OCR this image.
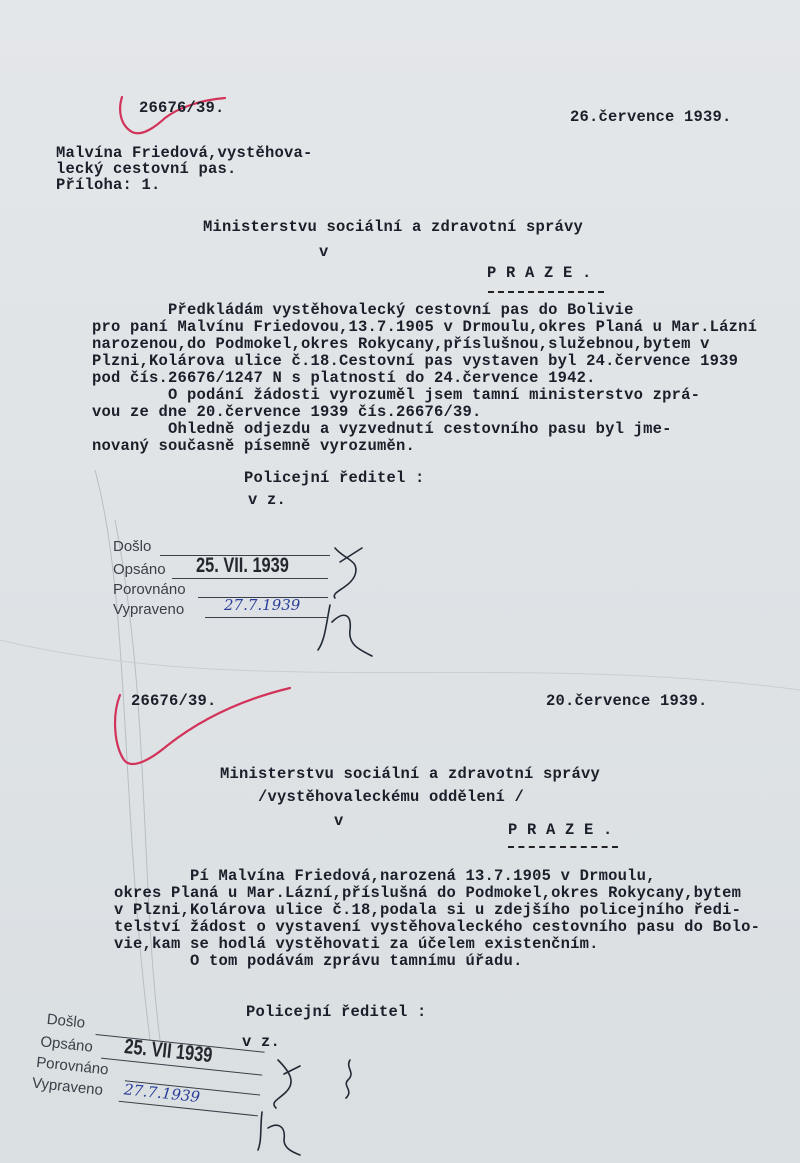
26676/39.	26.července 1939.
Malvína Friedová,vystěhova-
lecký cestovní pas.
Příloha: 1.
Ministerstvu sociální a zdravotní správy
v
P R A Z E .
Předkládám vystěhovalecký cestovní pas do Bolivie
pro paní Malvínu Friedovou,13.7.1905 v Drmoulu,okres Planá u Mar.Lázní
narozenou,do Podmokel,okres Rokycany,příslušnou,služebnou,bytem v
Plzni,Kolárova ulice č.18.Cestovní pas vystaven byl 24.července 1939
pod čís.26676/1247 N s platností do 24.července 1942.
O podání žádosti vyrozuměl jsem tamní ministerstvo zprá-
vou ze dne 20.července 1939 čís.26676/39.
Ohledně odjezdu a vyzvednutí cestovního pasu byl jme-
novaný současně písemně vyrozuměn.
Policejní ředitel :
v z.
Došlo
Opsáno 25. VII. 1939
Porovnáno
Vypraveno	27.7.1939
26676/39.	20.července 1939.
Ministerstvu sociální a zdravotní správy
/vystěhovaleckému oddělení /
v	P R A Z E .
Pí Malvína Friedová,narozená 13.7.1905 v Drmoulu,
okres Planá u Mar.Lázní,příslušná do Podmokel,okres Rokycany,bytem
v Plzni,Kolárova ulice č.18,podala si u zdejšího policejního ředi-
telství žádost o vystavení vystěhovaleckého cestovního pasu do Bolo-
vie,kam se hodlá vystěhovati za účelem existenčním.
O tom podávám zprávu tamnímu úřadu.
Policejní ředitel :
v z.
Došlo
Opsáno 25. VII 1939
Porovnáno
Vypraveno 27.7.1939
